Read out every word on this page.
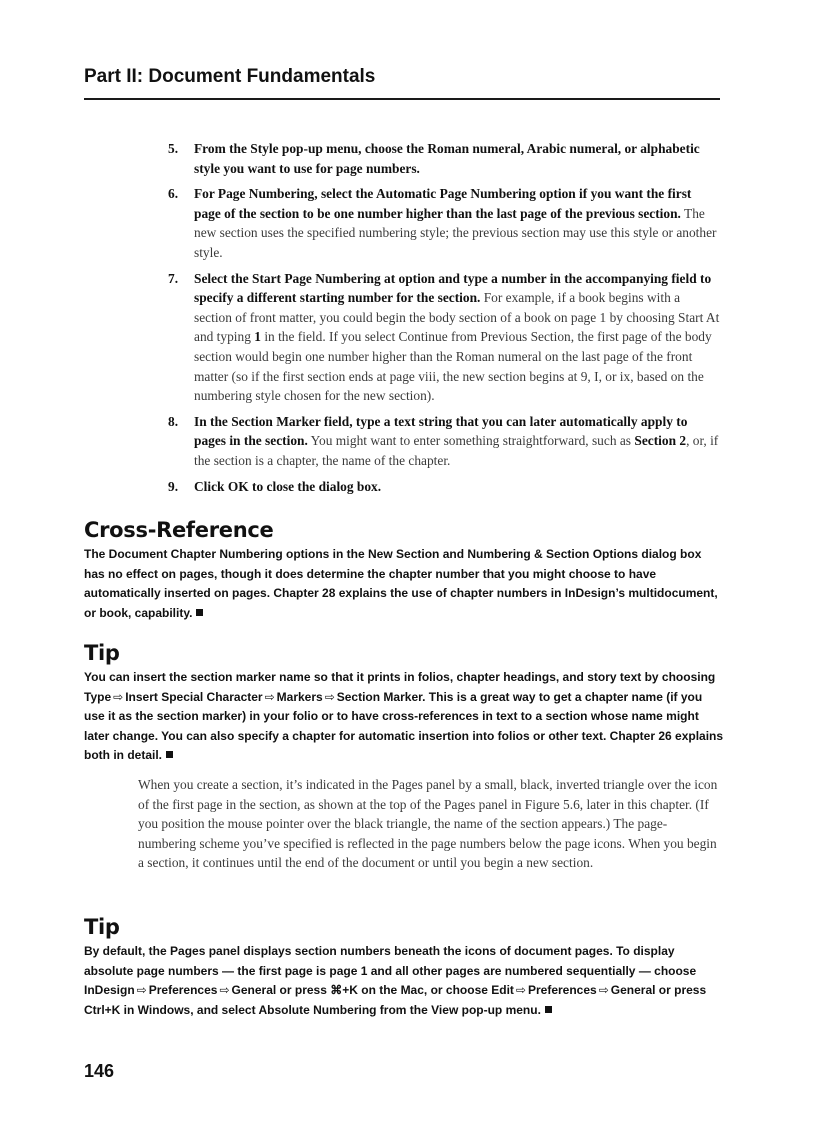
Part II: Document Fundamentals
5. From the Style pop-up menu, choose the Roman numeral, Arabic numeral, or alphabetic style you want to use for page numbers.
6. For Page Numbering, select the Automatic Page Numbering option if you want the first page of the section to be one number higher than the last page of the previous section. The new section uses the specified numbering style; the previous section may use this style or another style.
7. Select the Start Page Numbering at option and type a number in the accompanying field to specify a different starting number for the section. For example, if a book begins with a section of front matter, you could begin the body section of a book on page 1 by choosing Start At and typing 1 in the field. If you select Continue from Previous Section, the first page of the body section would begin one number higher than the Roman numeral on the last page of the front matter (so if the first section ends at page viii, the new section begins at 9, I, or ix, based on the numbering style chosen for the new section).
8. In the Section Marker field, type a text string that you can later automatically apply to pages in the section. You might want to enter something straightforward, such as Section 2, or, if the section is a chapter, the name of the chapter.
9. Click OK to close the dialog box.
Cross-Reference

The Document Chapter Numbering options in the New Section and Numbering & Section Options dialog box has no effect on pages, though it does determine the chapter number that you might choose to have automatically inserted on pages. Chapter 28 explains the use of chapter numbers in InDesign’s multidocument, or book, capability.

Tip

You can insert the section marker name so that it prints in folios, chapter headings, and story text by choosing Type ⇨ Insert Special Character ⇨ Markers ⇨ Section Marker. This is a great way to get a chapter name (if you use it as the section marker) in your folio or to have cross-references in text to a section whose name might later change. You can also specify a chapter for automatic insertion into folios or other text. Chapter 26 explains both in detail.

When you create a section, it’s indicated in the Pages panel by a small, black, inverted triangle over the icon of the first page in the section, as shown at the top of the Pages panel in Figure 5.6, later in this chapter. (If you position the mouse pointer over the black triangle, the name of the section appears.) The page-numbering scheme you’ve specified is reflected in the page numbers below the page icons. When you begin a section, it continues until the end of the document or until you begin a new section.

Tip

By default, the Pages panel displays section numbers beneath the icons of document pages. To display absolute page numbers — the first page is page 1 and all other pages are numbered sequentially — choose InDesign ⇨ Preferences ⇨ General or press ⌘+K on the Mac, or choose Edit ⇨ Preferences ⇨ General or press Ctrl+K in Windows, and select Absolute Numbering from the View pop-up menu.

146
